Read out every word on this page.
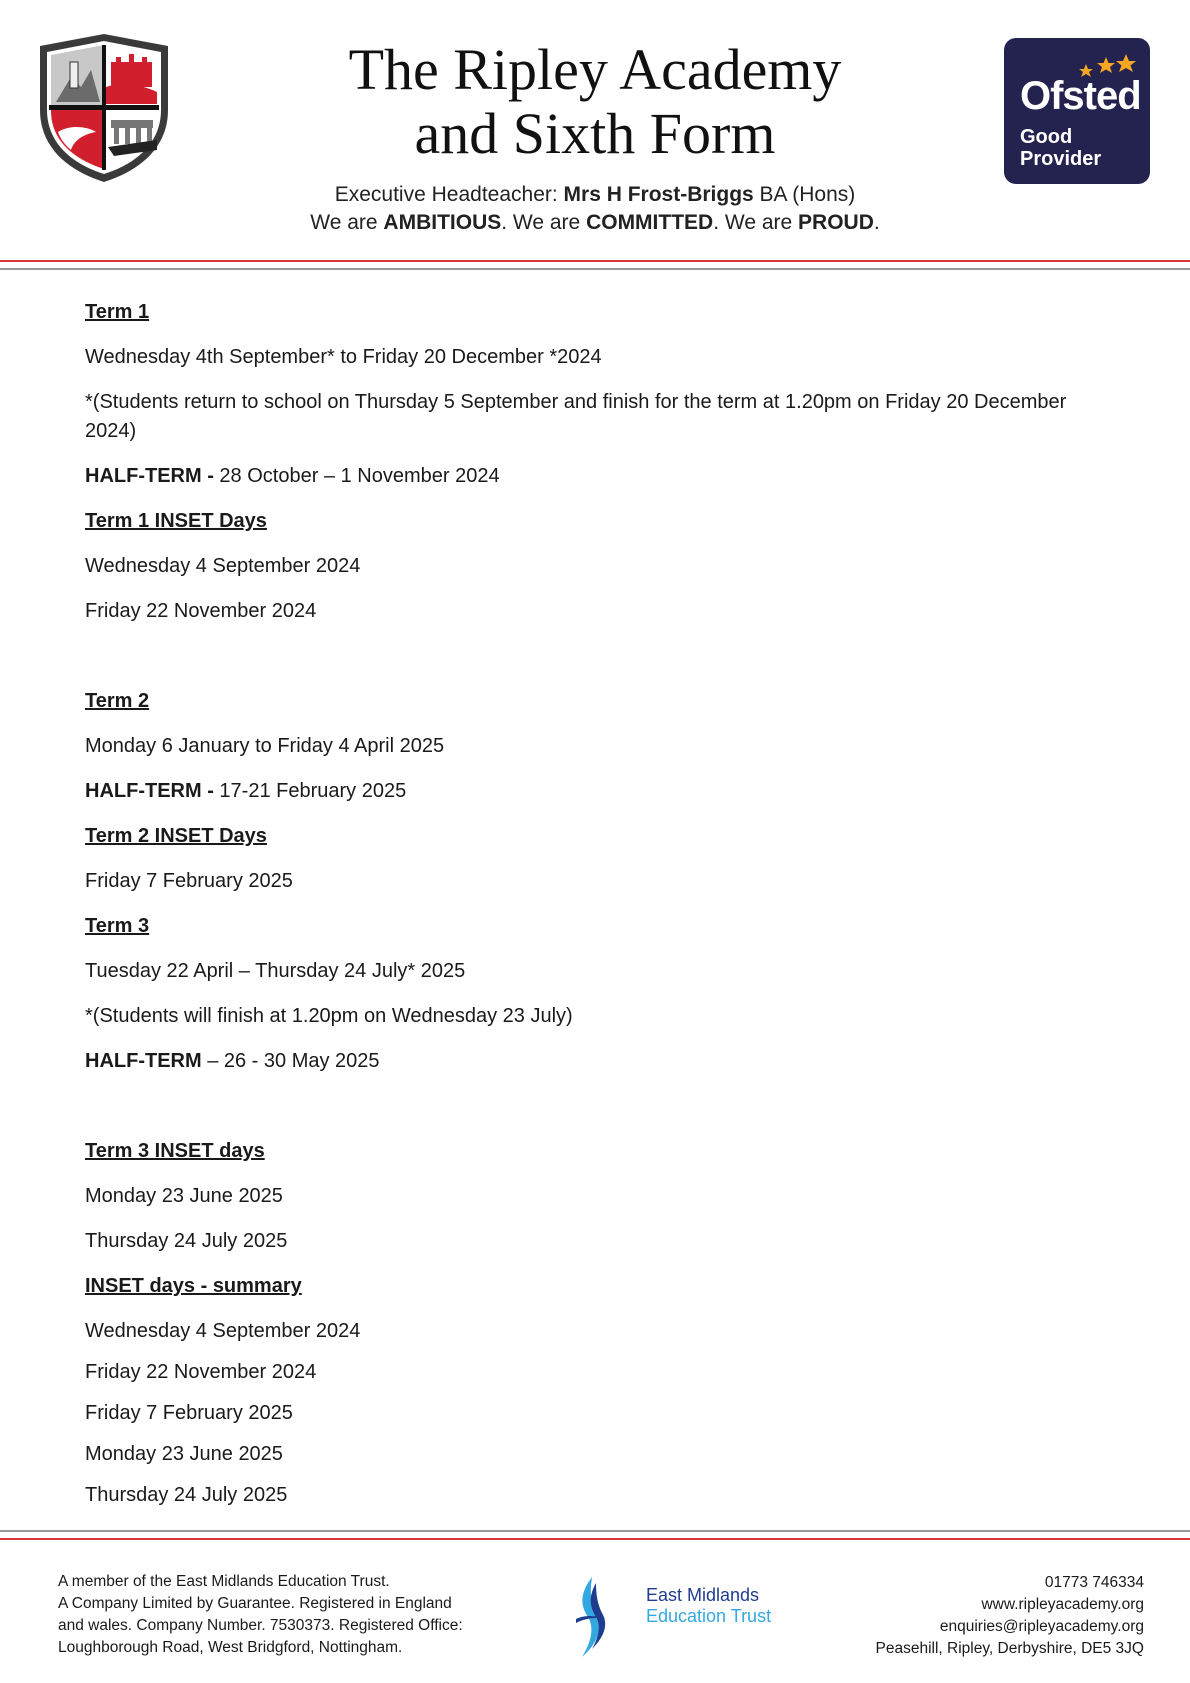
The Ripley Academy
and Sixth Form
Executive Headteacher: Mrs H Frost-Briggs BA (Hons)
We are AMBITIOUS. We are COMMITTED. We are PROUD.
Ofsted
Good
Provider
Term 1
Wednesday 4th September* to Friday 20 December *2024
*(Students return to school on Thursday 5 September and finish for the term at 1.20pm on Friday 20 December
2024)
HALF-TERM - 28 October – 1 November 2024
Term 1 INSET Days
Wednesday 4 September 2024
Friday 22 November 2024
Term 2
Monday 6 January to Friday 4 April 2025
HALF-TERM - 17-21 February 2025
Term 2 INSET Days
Friday 7 February 2025
Term 3
Tuesday 22 April – Thursday 24 July* 2025
*(Students will finish at 1.20pm on Wednesday 23 July)
HALF-TERM – 26 - 30 May 2025
Term 3 INSET days
Monday 23 June 2025
Thursday 24 July 2025
INSET days - summary
Wednesday 4 September 2024
Friday 22 November 2024
Friday 7 February 2025
Monday 23 June 2025
Thursday 24 July 2025
A member of the East Midlands Education Trust.
A Company Limited by Guarantee. Registered in England
and wales. Company Number. 7530373. Registered Office:
Loughborough Road, West Bridgford, Nottingham.
East Midlands
Education Trust
01773 746334
www.ripleyacademy.org
enquiries@ripleyacademy.org
Peasehill, Ripley, Derbyshire, DE5 3JQ
